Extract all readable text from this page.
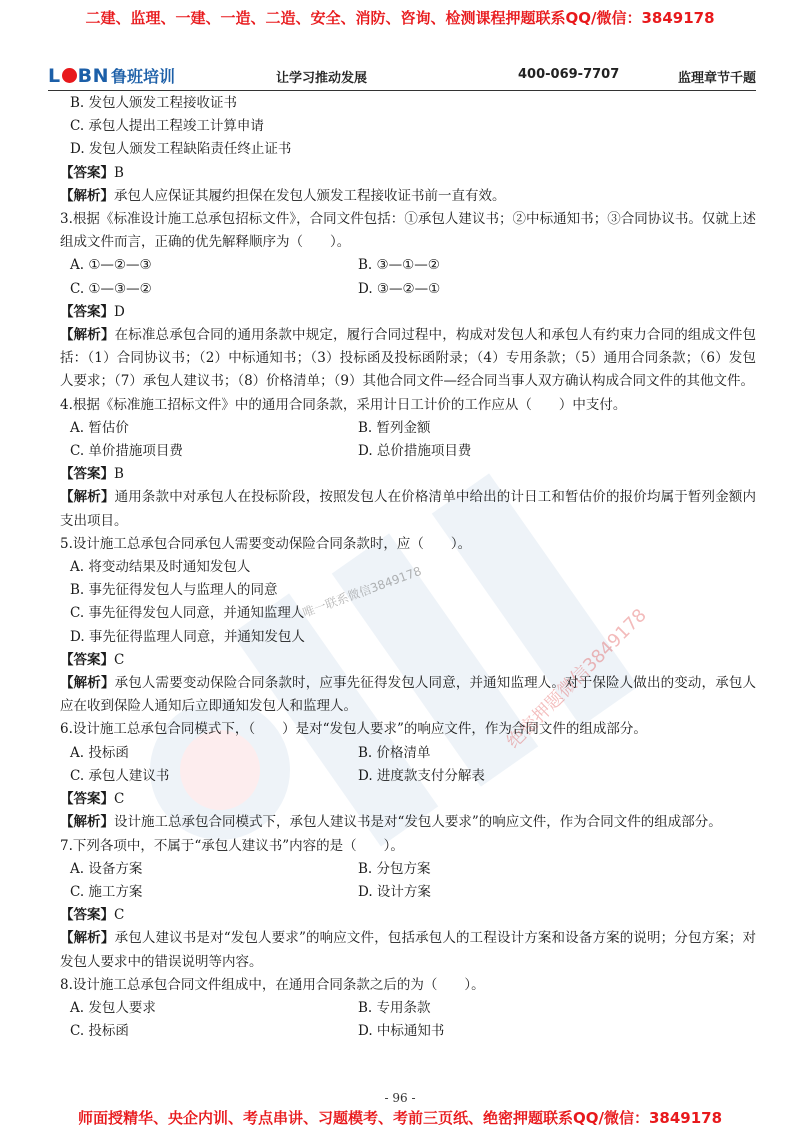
二建、监理、一建、一造、二造、安全、消防、咨询、检测课程押题联系QQ/微信：3849178
L BN 鲁班培训	让学习推动发展	400-069-7707	监理章节千题
唯一联系微信3849178
绝密押题微信3849178

B. 发包人颁发工程接收证书

C. 承包人提出工程竣工计算申请

D. 发包人颁发工程缺陷责任终止证书

【答案】B

【解析】承包人应保证其履约担保在发包人颁发工程接收证书前一直有效。

3.根据《标准设计施工总承包招标文件》，合同文件包括：①承包人建议书；②中标通知书；③合同协议书。仅就上述组成文件而言，正确的优先解释顺序为（　　）。

A. ①—②—③	B. ③—①—②
C. ①—③—②	D. ③—②—①

【答案】D

【解析】在标准总承包合同的通用条款中规定，履行合同过程中，构成对发包人和承包人有约束力合同的组成文件包括：（1）合同协议书；（2）中标通知书；（3）投标函及投标函附录；（4）专用条款；（5）通用合同条款；（6）发包人要求；（7）承包人建议书；（8）价格清单；（9）其他合同文件—经合同当事人双方确认构成合同文件的其他文件。

4.根据《标准施工招标文件》中的通用合同条款，采用计日工计价的工作应从（　　）中支付。

A. 暂估价	B. 暂列金额
C. 单价措施项目费	D. 总价措施项目费

【答案】B

【解析】通用条款中对承包人在投标阶段，按照发包人在价格清单中给出的计日工和暂估价的报价均属于暂列金额内支出项目。

5.设计施工总承包合同承包人需要变动保险合同条款时，应（　　）。

A. 将变动结果及时通知发包人

B. 事先征得发包人与监理人的同意

C. 事先征得发包人同意，并通知监理人

D. 事先征得监理人同意，并通知发包人

【答案】C

【解析】承包人需要变动保险合同条款时，应事先征得发包人同意，并通知监理人。对于保险人做出的变动，承包人应在收到保险人通知后立即通知发包人和监理人。

6.设计施工总承包合同模式下，（　　）是对“发包人要求”的响应文件，作为合同文件的组成部分。

A. 投标函	B. 价格清单
C. 承包人建议书	D. 进度款支付分解表

【答案】C

【解析】设计施工总承包合同模式下，承包人建议书是对“发包人要求”的响应文件，作为合同文件的组成部分。

7.下列各项中，不属于“承包人建议书”内容的是（　　）。

A. 设备方案	B. 分包方案
C. 施工方案	D. 设计方案

【答案】C

【解析】承包人建议书是对“发包人要求”的响应文件，包括承包人的工程设计方案和设备方案的说明；分包方案；对发包人要求中的错误说明等内容。

8.设计施工总承包合同文件组成中，在通用合同条款之后的为（　　）。

A. 发包人要求	B. 专用条款
C. 投标函	D. 中标通知书
- 96 -
师面授精华、央企内训、考点串讲、习题模考、考前三页纸、绝密押题联系QQ/微信：3849178
